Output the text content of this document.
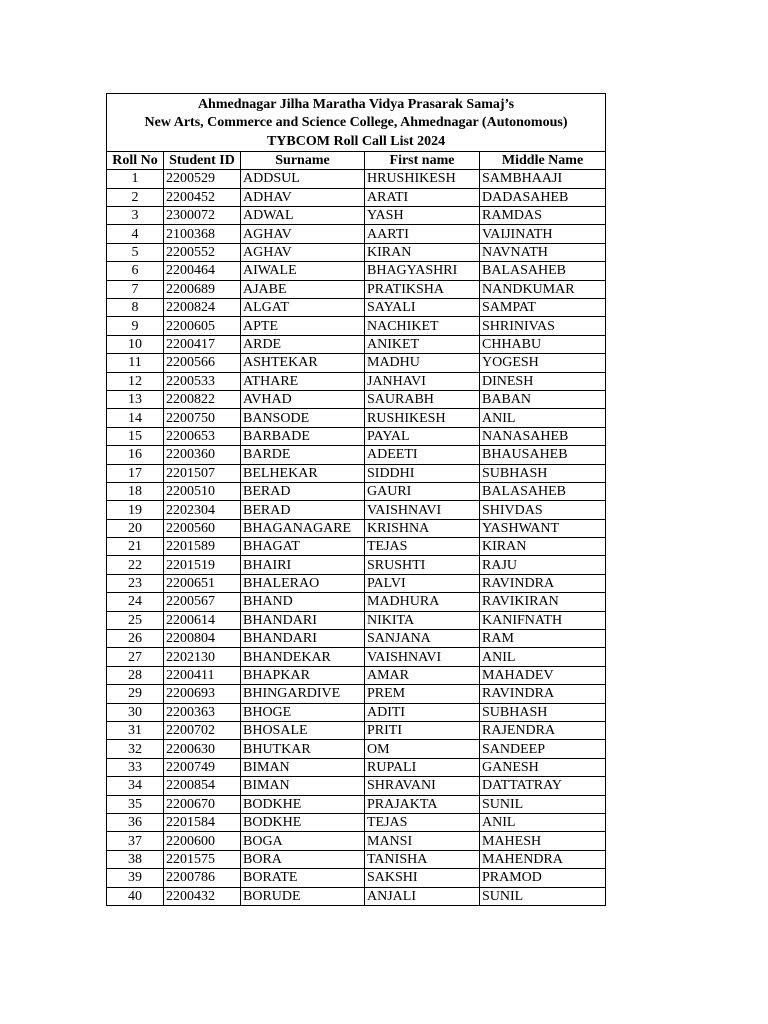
Ahmednagar Jilha Maratha Vidya Prasarak Samaj’s
New Arts, Commerce and Science College, Ahmednagar (Autonomous)
TYBCOM Roll Call List 2024				

Roll No	Student ID	Surname	First name	Middle Name
1	2200529	ADDSUL	HRUSHIKESH	SAMBHAAJI
2	2200452	ADHAV	ARATI	DADASAHEB
3	2300072	ADWAL	YASH	RAMDAS
4	2100368	AGHAV	AARTI	VAIJINATH
5	2200552	AGHAV	KIRAN	NAVNATH
6	2200464	AIWALE	BHAGYASHRI	BALASAHEB
7	2200689	AJABE	PRATIKSHA	NANDKUMAR
8	2200824	ALGAT	SAYALI	SAMPAT
9	2200605	APTE	NACHIKET	SHRINIVAS
10	2200417	ARDE	ANIKET	CHHABU
11	2200566	ASHTEKAR	MADHU	YOGESH
12	2200533	ATHARE	JANHAVI	DINESH
13	2200822	AVHAD	SAURABH	BABAN
14	2200750	BANSODE	RUSHIKESH	ANIL
15	2200653	BARBADE	PAYAL	NANASAHEB
16	2200360	BARDE	ADEETI	BHAUSAHEB
17	2201507	BELHEKAR	SIDDHI	SUBHASH
18	2200510	BERAD	GAURI	BALASAHEB
19	2202304	BERAD	VAISHNAVI	SHIVDAS
20	2200560	BHAGANAGARE	KRISHNA	YASHWANT
21	2201589	BHAGAT	TEJAS	KIRAN
22	2201519	BHAIRI	SRUSHTI	RAJU
23	2200651	BHALERAO	PALVI	RAVINDRA
24	2200567	BHAND	MADHURA	RAVIKIRAN
25	2200614	BHANDARI	NIKITA	KANIFNATH
26	2200804	BHANDARI	SANJANA	RAM
27	2202130	BHANDEKAR	VAISHNAVI	ANIL
28	2200411	BHAPKAR	AMAR	MAHADEV
29	2200693	BHINGARDIVE	PREM	RAVINDRA
30	2200363	BHOGE	ADITI	SUBHASH
31	2200702	BHOSALE	PRITI	RAJENDRA
32	2200630	BHUTKAR	OM	SANDEEP
33	2200749	BIMAN	RUPALI	GANESH
34	2200854	BIMAN	SHRAVANI	DATTATRAY
35	2200670	BODKHE	PRAJAKTA	SUNIL
36	2201584	BODKHE	TEJAS	ANIL
37	2200600	BOGA	MANSI	MAHESH
38	2201575	BORA	TANISHA	MAHENDRA
39	2200786	BORATE	SAKSHI	PRAMOD
40	2200432	BORUDE	ANJALI	SUNIL
